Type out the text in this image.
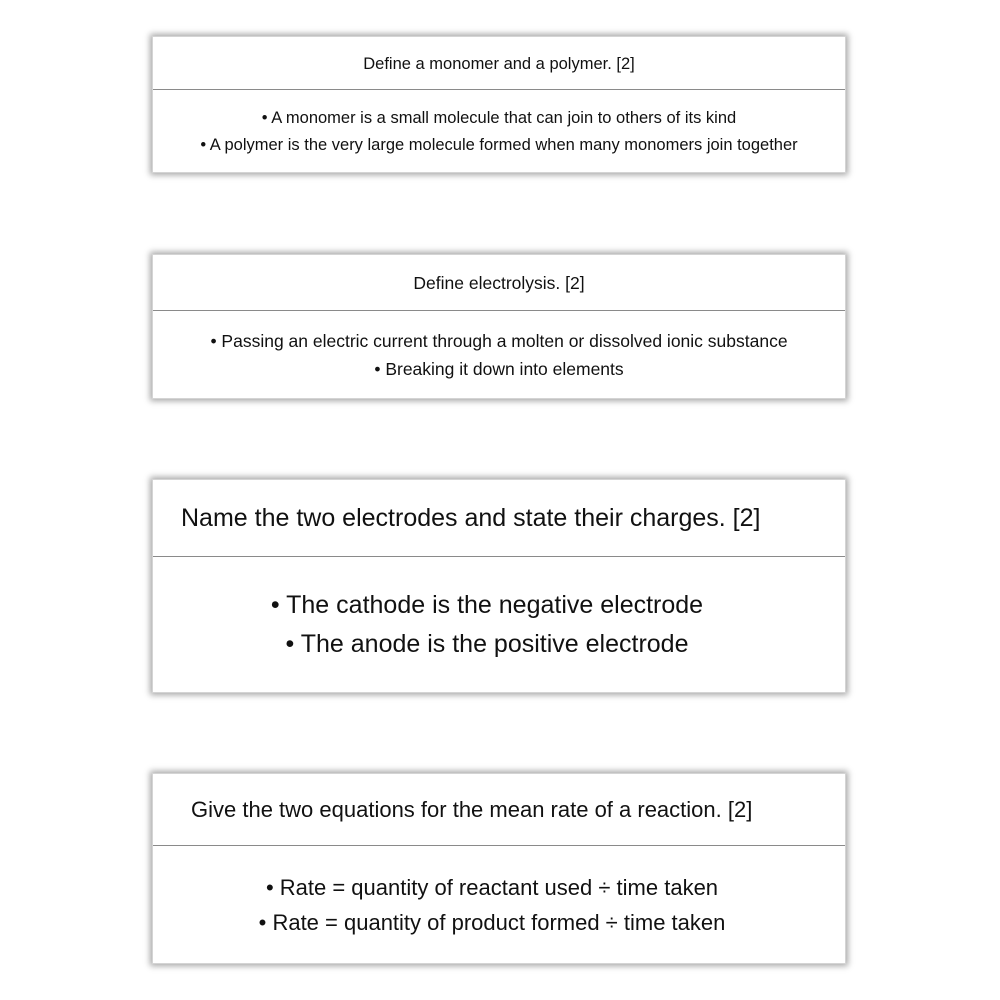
Define a monomer and a polymer. [2]
• A monomer is a small molecule that can join to others of its kind
• A polymer is the very large molecule formed when many monomers join together
Define electrolysis. [2]
• Passing an electric current through a molten or dissolved ionic substance
• Breaking it down into elements
Name the two electrodes and state their charges. [2]
• The cathode is the negative electrode
• The anode is the positive electrode
Give the two equations for the mean rate of a reaction. [2]
• Rate = quantity of reactant used ÷ time taken
• Rate = quantity of product formed ÷ time taken
